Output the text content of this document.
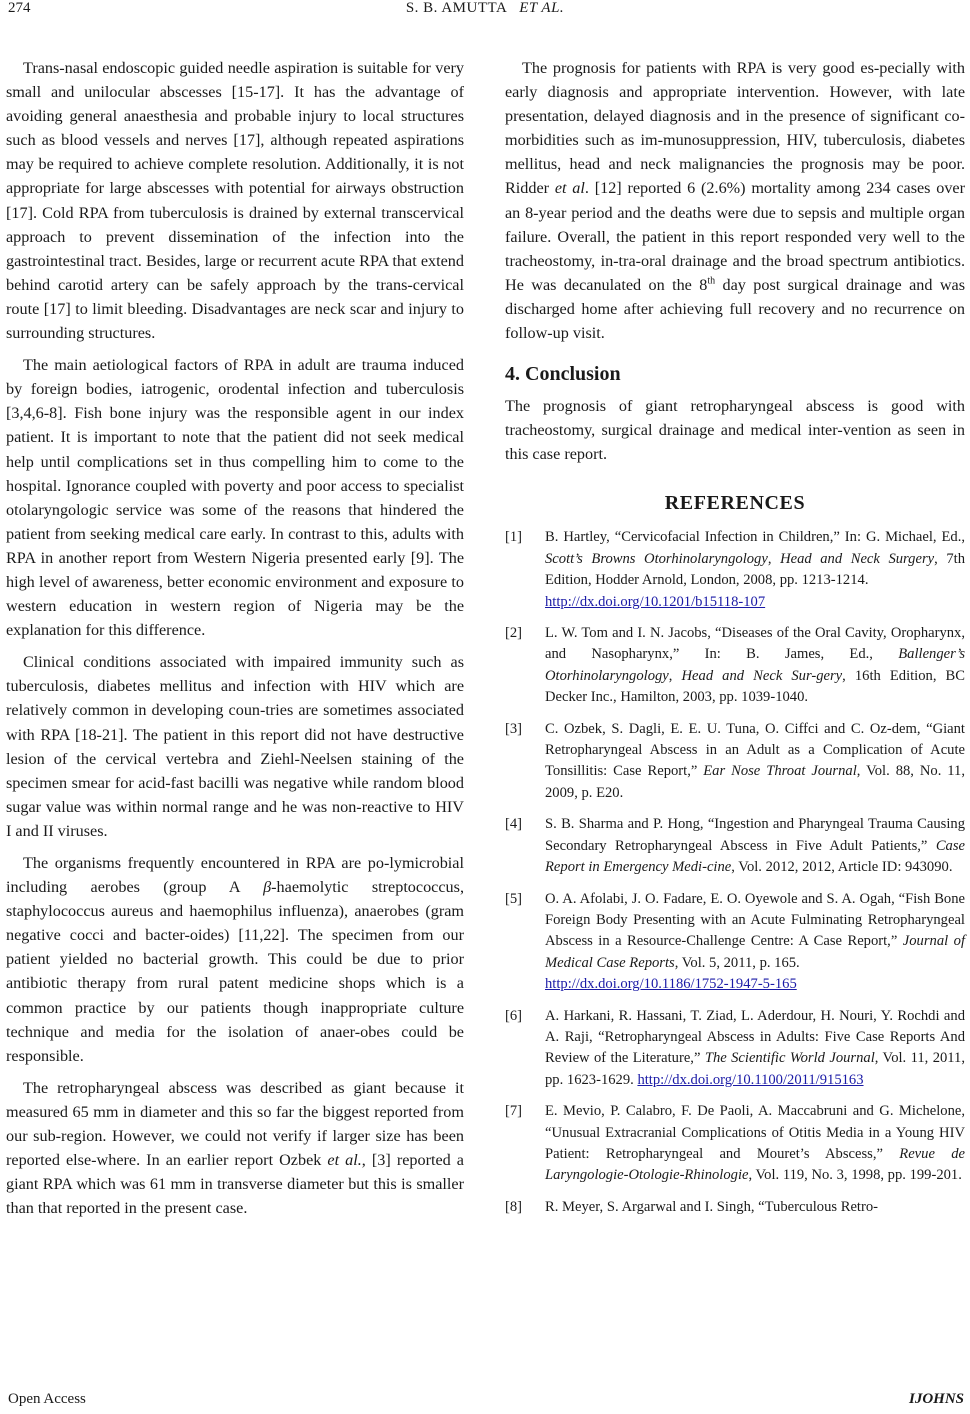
274	S. B. AMUTTA ET AL.

Trans-nasal endoscopic guided needle aspiration is suitable for very small and unilocular abscesses [15-17]. It has the advantage of avoiding general anaesthesia and probable injury to local structures such as blood vessels and nerves [17], although repeated aspirations may be required to achieve complete resolution. Additionally, it is not appropriate for large abscesses with potential for airways obstruction [17]. Cold RPA from tuberculosis is drained by external transcervical approach to prevent dissemination of the infection into the gastrointestinal tract. Besides, large or recurrent acute RPA that extend behind carotid artery can be safely approach by the trans-cervical route [17] to limit bleeding. Disadvantages are neck scar and injury to surrounding structures.

The main aetiological factors of RPA in adult are trauma induced by foreign bodies, iatrogenic, orodental infection and tuberculosis [3,4,6-8]. Fish bone injury was the responsible agent in our index patient. It is important to note that the patient did not seek medical help until complications set in thus compelling him to come to the hospital. Ignorance coupled with poverty and poor access to specialist otolaryngologic service was some of the reasons that hindered the patient from seeking medical care early. In contrast to this, adults with RPA in another report from Western Nigeria presented early [9]. The high level of awareness, better economic environment and exposure to western education in western region of Nigeria may be the explanation for this difference.

Clinical conditions associated with impaired immunity such as tuberculosis, diabetes mellitus and infection with HIV which are relatively common in developing coun-tries are sometimes associated with RPA [18-21]. The patient in this report did not have destructive lesion of the cervical vertebra and Ziehl-Neelsen staining of the specimen smear for acid-fast bacilli was negative while random blood sugar value was within normal range and he was non-reactive to HIV I and II viruses.

The organisms frequently encountered in RPA are po-lymicrobial including aerobes (group A β-haemolytic streptococcus, staphylococcus aureus and haemophilus influenza), anaerobes (gram negative cocci and bacter-oides) [11,22]. The specimen from our patient yielded no bacterial growth. This could be due to prior antibiotic therapy from rural patent medicine shops which is a common practice by our patients though inappropriate culture technique and media for the isolation of anaer-obes could be responsible.

The retropharyngeal abscess was described as giant because it measured 65 mm in diameter and this so far the biggest reported from our sub-region. However, we could not verify if larger size has been reported else-where. In an earlier report Ozbek et al., [3] reported a giant RPA which was 61 mm in transverse diameter but this is smaller than that reported in the present case.

The prognosis for patients with RPA is very good es-pecially with early diagnosis and appropriate intervention. However, with late presentation, delayed diagnosis and in the presence of significant co-morbidities such as im-munosuppression, HIV, tuberculosis, diabetes mellitus, head and neck malignancies the prognosis may be poor. Ridder et al. [12] reported 6 (2.6%) mortality among 234 cases over an 8-year period and the deaths were due to sepsis and multiple organ failure. Overall, the patient in this report responded very well to the tracheostomy, in-tra-oral drainage and the broad spectrum antibiotics. He was decanulated on the 8th day post surgical drainage and was discharged home after achieving full recovery and no recurrence on follow-up visit.

4. Conclusion

The prognosis of giant retropharyngeal abscess is good with tracheostomy, surgical drainage and medical inter-vention as seen in this case report.

REFERENCES
[1]	B. Hartley, “Cervicofacial Infection in Children,” In: G. Michael, Ed., Scott’s Browns Otorhinolaryngology, Head and Neck Surgery, 7th Edition, Hodder Arnold, London, 2008, pp. 1213-1214.
http://dx.doi.org/10.1201/b15118-107
[2]	L. W. Tom and I. N. Jacobs, “Diseases of the Oral Cavity, Oropharynx, and Nasopharynx,” In: B. James, Ed., Ballenger’s Otorhinolaryngology, Head and Neck Sur-gery, 16th Edition, BC Decker Inc., Hamilton, 2003, pp. 1039-1040.
[3]	C. Ozbek, S. Dagli, E. E. U. Tuna, O. Ciffci and C. Oz-dem, “Giant Retropharyngeal Abscess in an Adult as a Complication of Acute Tonsillitis: Case Report,” Ear Nose Throat Journal, Vol. 88, No. 11, 2009, p. E20.
[4]	S. B. Sharma and P. Hong, “Ingestion and Pharyngeal Trauma Causing Secondary Retropharyngeal Abscess in Five Adult Patients,” Case Report in Emergency Medi-cine, Vol. 2012, 2012, Article ID: 943090.
[5]	O. A. Afolabi, J. O. Fadare, E. O. Oyewole and S. A. Ogah, “Fish Bone Foreign Body Presenting with an Acute Fulminating Retropharyngeal Abscess in a Resource-Challenge Centre: A Case Report,” Journal of Medical Case Reports, Vol. 5, 2011, p. 165.
http://dx.doi.org/10.1186/1752-1947-5-165
[6]	A. Harkani, R. Hassani, T. Ziad, L. Aderdour, H. Nouri, Y. Rochdi and A. Raji, “Retropharyngeal Abscess in Adults: Five Case Reports And Review of the Literature,” The Scientific World Journal, Vol. 11, 2011, pp. 1623-1629. http://dx.doi.org/10.1100/2011/915163
[7]	E. Mevio, P. Calabro, F. De Paoli, A. Maccabruni and G. Michelone, “Unusual Extracranial Complications of Otitis Media in a Young HIV Patient: Retropharyngeal and Mouret’s Abscess,” Revue de Laryngologie-Otologie-Rhinologie, Vol. 119, No. 3, 1998, pp. 199-201.
[8]	R. Meyer, S. Argarwal and I. Singh, “Tuberculous Retro-
Open Access	IJOHNS
